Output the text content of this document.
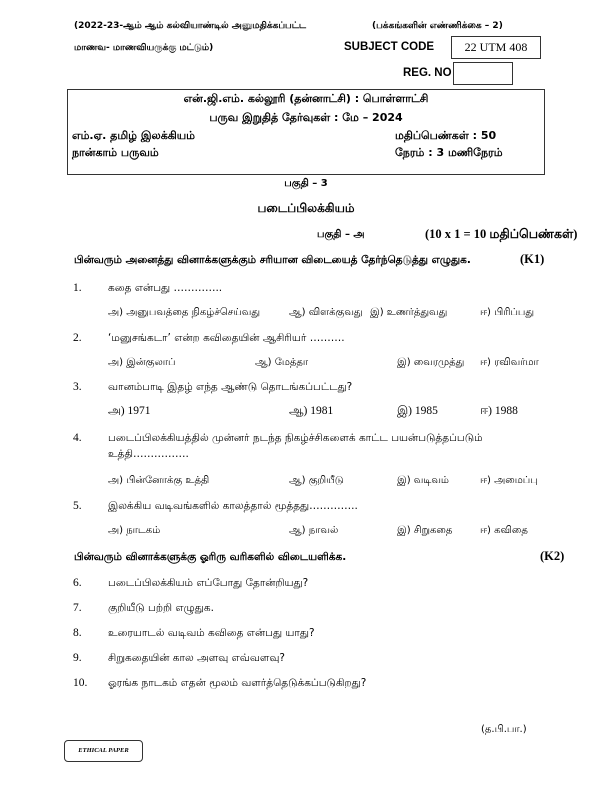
(2022-23-ஆம் ஆம் கல்வியாண்டில் அனுமதிக்கப்பட்ட
மாணவ- மாணவியருக்கு மட்டும்)
(பக்கங்களின் எண்ணிக்கை – 2)
SUBJECT CODE	22 UTM 408
REG. NO
என்.ஜி.எம். கல்லூரி (தன்னாட்சி) : பொள்ளாட்சி
பருவ இறுதித் தேர்வுகள் : மே – 2024
எம்.ஏ. தமிழ் இலக்கியம்	மதிப்பெண்கள் : 50
நான்காம் பருவம்	நேரம் : 3 மணிநேரம்
பகுதி – 3
படைப்பிலக்கியம்
பகுதி – அ	(10 x 1 = 10 மதிப்பெண்கள்)
பின்வரும் அனைத்து வினாக்களுக்கும் சரியான விடையைத் தேர்ந்தெடுத்து எழுதுக.	(K1)
1.	கதை என்பது …………..
அ) அனுபவத்தை நிகழ்ச்செய்வது	ஆ) விளக்குவது இ) உணர்த்துவது	ஈ) பிரிப்பது
2.	‘மனுசங்கடா’ என்ற கவிதையின் ஆசிரியர் ……….
அ) இன்குலாப்	ஆ) மேத்தா	இ) வைரமுத்து ஈ) ரவிவர்மா
3.	வானம்பாடி இதழ் எந்த ஆண்டு தொடங்கப்பட்டது?
அ) 1971	ஆ) 1981	இ) 1985	ஈ) 1988
4.	படைப்பிலக்கியத்தில் முன்னர் நடந்த நிகழ்ச்சிகளைக் காட்ட பயன்படுத்தப்படும்
உத்தி…………….
அ) பின்னோக்கு உத்தி	ஆ) குறியீடு	இ) வடிவம்	ஈ) அமைப்பு
5.	இலக்கிய வடிவங்களில் காலத்தால் மூத்தது…………..
அ) நாடகம்	ஆ) நாவல்	இ) சிறுகதை	ஈ) கவிதை
பின்வரும் வினாக்களுக்கு ஓரிரு வரிகளில் விடையளிக்க.	(K2)
6.	படைப்பிலக்கியம் எப்போது தோன்றியது?
7.	குறியீடு பற்றி எழுதுக.
8.	உரையாடல் வடிவம் கவிதை என்பது யாது?
9.	சிறுகதையின் கால அளவு எவ்வளவு?
10. ஓரங்க நாடகம் எதன் மூலம் வளர்த்தெடுக்கப்படுகிறது?
(த.பி.பா.)
ETHICAL PAPER
